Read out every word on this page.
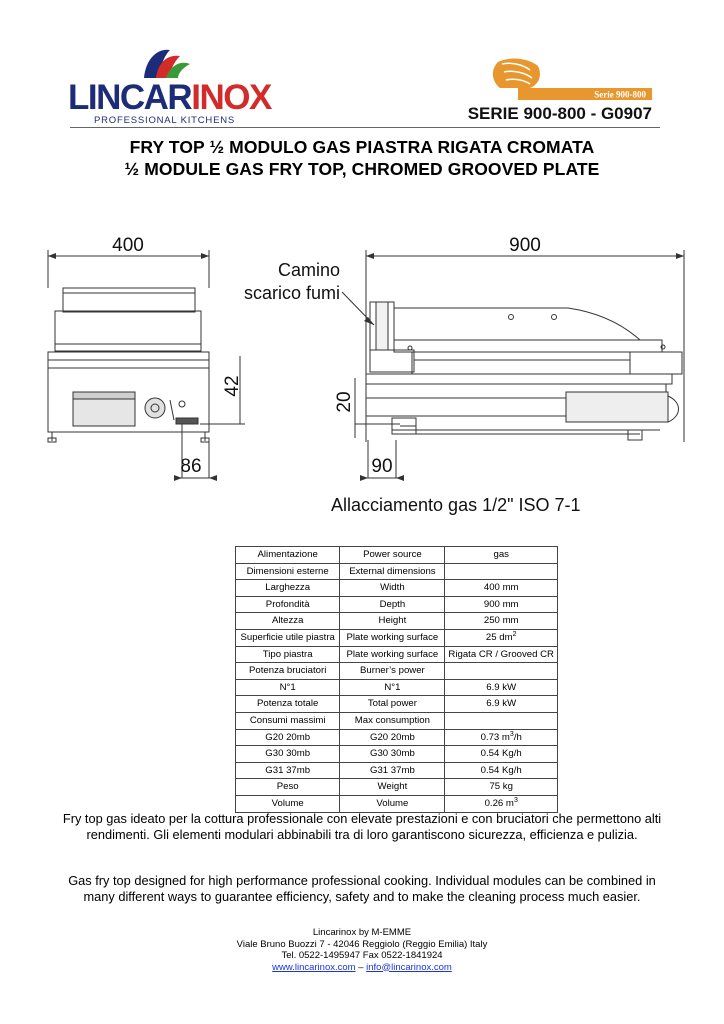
LINCARINOX
PROFESSIONAL KITCHENS
Serie 900-800
SERIE 900-800 - G0907
FRY TOP ½ MODULO GAS PIASTRA RIGATA CROMATA
½ MODULE GAS FRY TOP, CHROMED GROOVED PLATE
400	900
42
20
86	90
Camino
scarico fumi
Allacciamento gas 1/2" ISO 7-1
Alimentazione	Power source	gas
Dimensioni esterne	External dimensions	
Larghezza	Width	400 mm
Profondità	Depth	900 mm
Altezza	Height	250 mm
Superficie utile piastra	Plate working surface	25 $dm^2$
Tipo piastra	Plate working surface	Rigata CR / Grooved CR
Potenza bruciatori	Burner’s power	
N°1	N°1	6.9 kW
Potenza totale	Total power	6.9 kW
Consumi massimi	Max consumption	
G20 20mb	G20 20mb	0.73 $m^3/h$
G30 30mb	G30 30mb	0.54 Kg/h
G31 37mb	G31 37mb	0.54 Kg/h
Peso	Weight	75 kg
Volume	Volume	0.26 $m^3$
Fry top gas ideato per la cottura professionale con elevate prestazioni e con bruciatori che permettono alti rendimenti. Gli elementi modulari abbinabili tra di loro garantiscono sicurezza, efficienza e pulizia.
Gas fry top designed for high performance professional cooking. Individual modules can be combined in many different ways to guarantee efficiency, safety and to make the cleaning process much easier.
Lincarinox by M-EMME
Viale Bruno Buozzi 7 - 42046 Reggiolo (Reggio Emilia) Italy
Tel. 0522-1495947 Fax 0522-1841924
www.lincarinox.com – info@lincarinox.com
